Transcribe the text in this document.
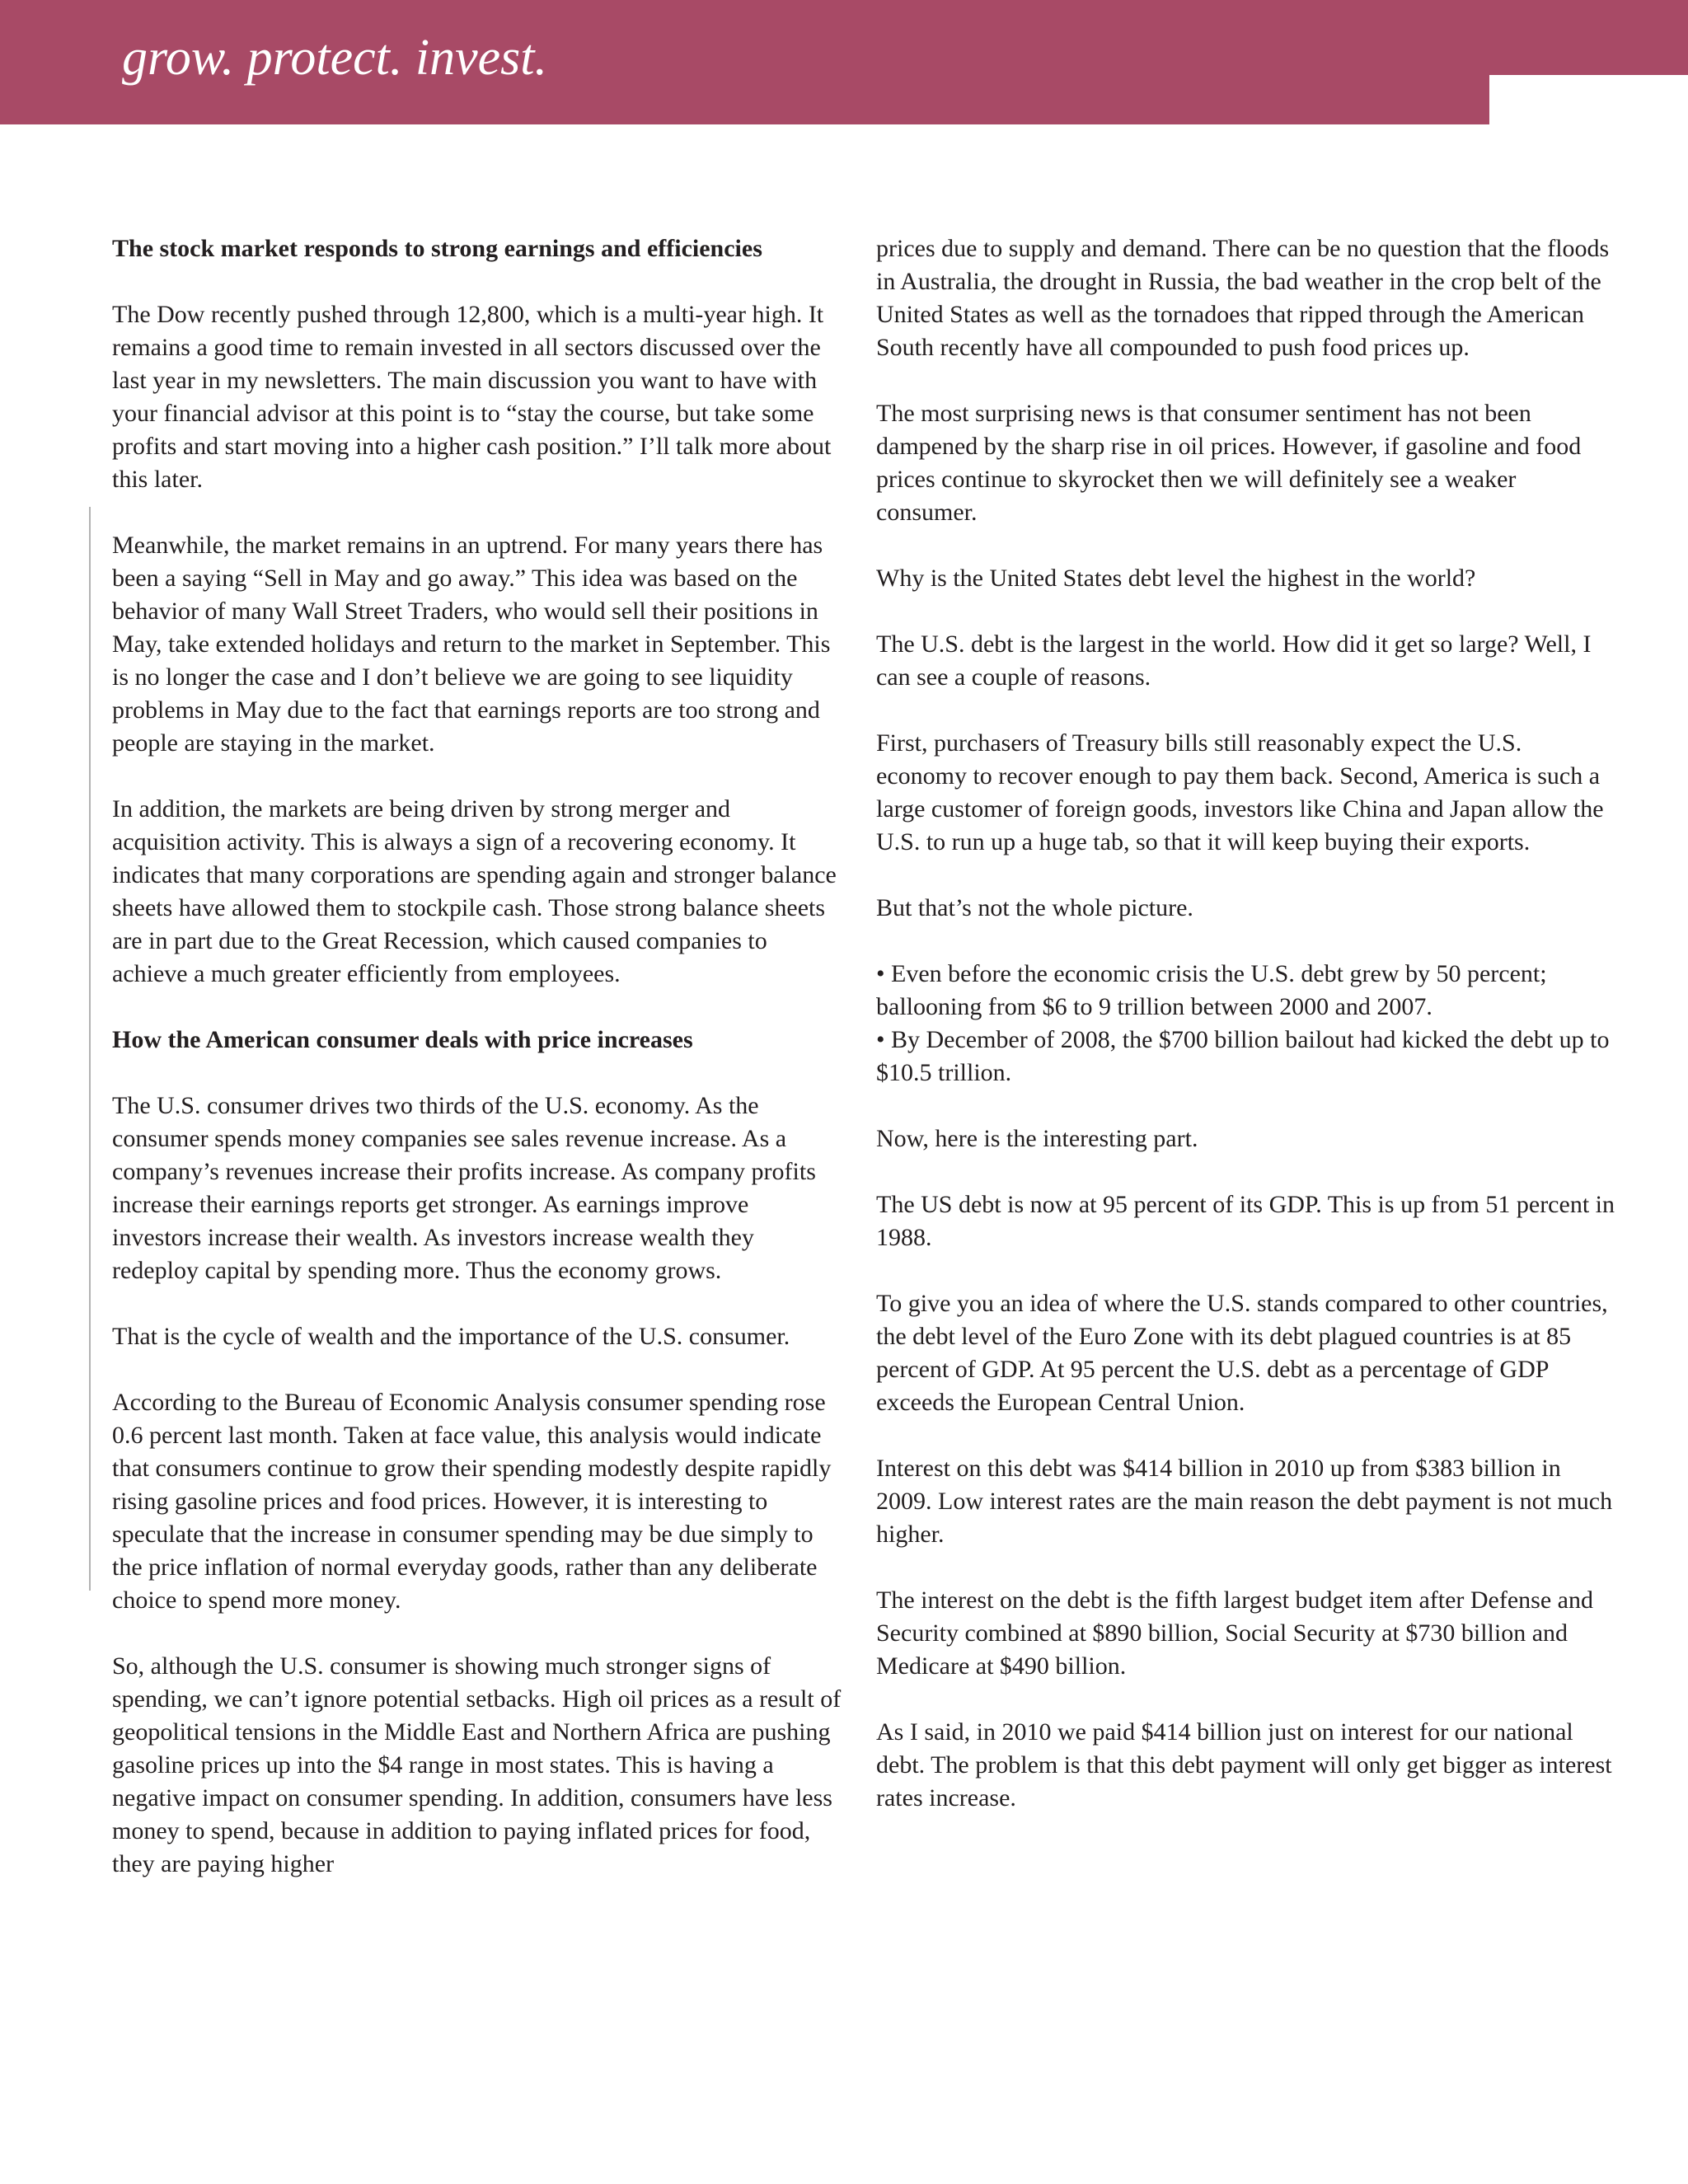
grow. protect. invest.

The stock market responds to strong earnings and efficiencies

The Dow recently pushed through 12,800, which is a multi-year high. It remains a good time to remain invested in all sectors discussed over the last year in my newsletters. The main discussion you want to have with your financial advisor at this point is to “stay the course, but take some profits and start moving into a higher cash position.” I’ll talk more about this later.

Meanwhile, the market remains in an uptrend. For many years there has been a saying “Sell in May and go away.” This idea was based on the behavior of many Wall Street Traders, who would sell their positions in May, take extended holidays and return to the market in September. This is no longer the case and I don’t believe we are going to see liquidity problems in May due to the fact that earnings reports are too strong and people are staying in the market.

In addition, the markets are being driven by strong merger and acquisition activity. This is always a sign of a recovering economy. It indicates that many corporations are spending again and stronger balance sheets have allowed them to stockpile cash. Those strong balance sheets are in part due to the Great Recession, which caused companies to achieve a much greater efficiently from employees.

How the American consumer deals with price increases

The U.S. consumer drives two thirds of the U.S. economy. As the consumer spends money companies see sales revenue increase. As a company’s revenues increase their profits increase. As company profits increase their earnings reports get stronger. As earnings improve investors increase their wealth. As investors increase wealth they redeploy capital by spending more. Thus the economy grows.

That is the cycle of wealth and the importance of the U.S. consumer.

According to the Bureau of Economic Analysis consumer spending rose 0.6 percent last month. Taken at face value, this analysis would indicate that consumers continue to grow their spending modestly despite rapidly rising gasoline prices and food prices. However, it is interesting to speculate that the increase in consumer spending may be due simply to the price inflation of normal everyday goods, rather than any deliberate choice to spend more money.

So, although the U.S. consumer is showing much stronger signs of spending, we can’t ignore potential setbacks. High oil prices as a result of geopolitical tensions in the Middle East and Northern Africa are pushing gasoline prices up into the $4 range in most states. This is having a negative impact on consumer spending. In addition, consumers have less money to spend, because in addition to paying inflated prices for food, they are paying higher

prices due to supply and demand. There can be no question that the floods in Australia, the drought in Russia, the bad weather in the crop belt of the United States as well as the tornadoes that ripped through the American South recently have all compounded to push food prices up.

The most surprising news is that consumer sentiment has not been dampened by the sharp rise in oil prices. However, if gasoline and food prices continue to skyrocket then we will definitely see a weaker consumer.

Why is the United States debt level the highest in the world?

The U.S. debt is the largest in the world. How did it get so large? Well, I can see a couple of reasons.

First, purchasers of Treasury bills still reasonably expect the U.S. economy to recover enough to pay them back. Second, America is such a large customer of foreign goods, investors like China and Japan allow the U.S. to run up a huge tab, so that it will keep buying their exports.

But that’s not the whole picture.

• Even before the economic crisis the U.S. debt grew by 50 percent; ballooning from $6 to 9 trillion between 2000 and 2007.

• By December of 2008, the $700 billion bailout had kicked the debt up to $10.5 trillion.

Now, here is the interesting part.

The US debt is now at 95 percent of its GDP. This is up from 51 percent in 1988.

To give you an idea of where the U.S. stands compared to other countries, the debt level of the Euro Zone with its debt plagued countries is at 85 percent of GDP. At 95 percent the U.S. debt as a percentage of GDP exceeds the European Central Union.

Interest on this debt was $414 billion in 2010 up from $383 billion in 2009. Low interest rates are the main reason the debt payment is not much higher.

The interest on the debt is the fifth largest budget item after Defense and Security combined at $890 billion, Social Security at $730 billion and Medicare at $490 billion.

As I said, in 2010 we paid $414 billion just on interest for our national debt. The problem is that this debt payment will only get bigger as interest rates increase.
